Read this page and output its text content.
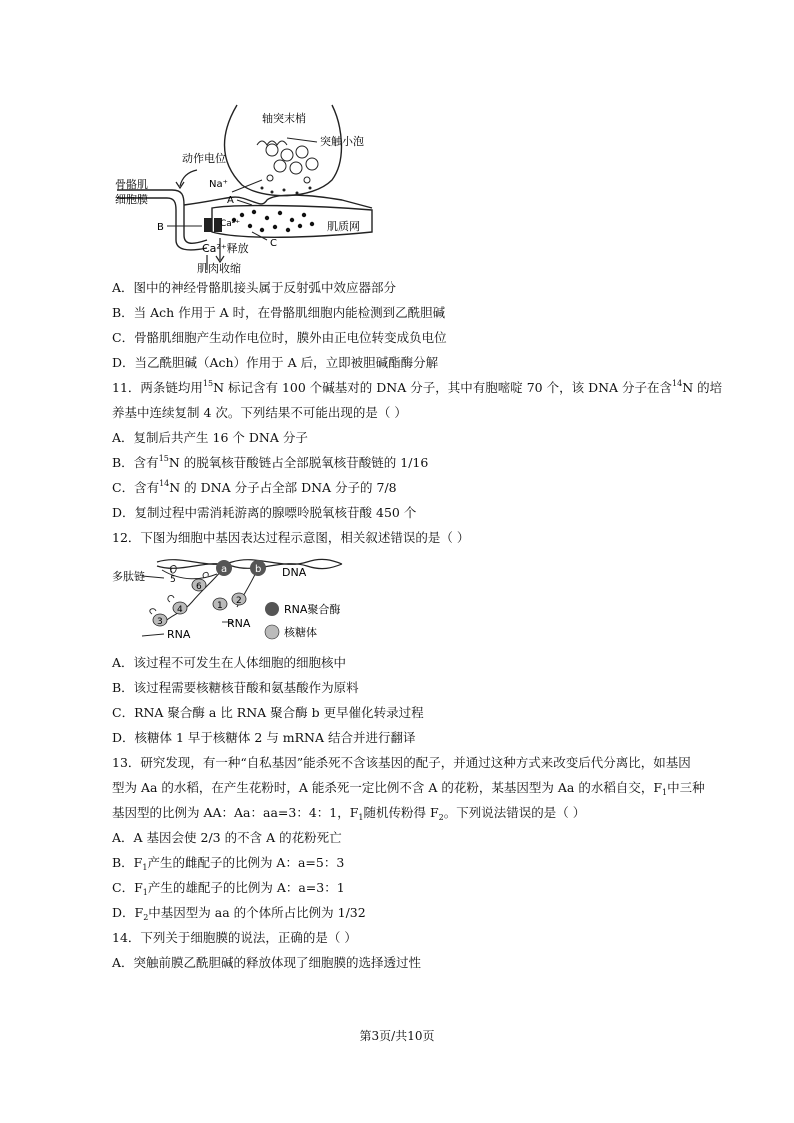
轴突末梢
突触小泡
动作电位
骨骼肌
细胞膜
Na⁺
A
B
C
Ca²⁺
Ca²⁺释放
肌质网
肌肉收缩
A．图中的神经骨骼肌接头属于反射弧中效应器部分
B．当 Ach 作用于 A 时，在骨骼肌细胞内能检测到乙酰胆碱
C．骨骼肌细胞产生动作电位时，膜外由正电位转变成负电位
D．当乙酰胆碱（Ach）作用于 A 后，立即被胆碱酯酶分解
11．两条链均用$^{15}$N 标记含有 100 个碱基对的 DNA 分子，其中有胞嘧啶 70 个，该 DNA 分子在含$^{14}$N 的培
养基中连续复制 4 次。下列结果不可能出现的是（ ）
A．复制后共产生 16 个 DNA 分子
B．含有$^{15}$N 的脱氧核苷酸链占全部脱氧核苷酸链的 1/16
C．含有$^{14}$N 的 DNA 分子占全部 DNA 分子的 7/8
D．复制过程中需消耗游离的腺嘌呤脱氧核苷酸 450 个
12．下图为细胞中基因表达过程示意图，相关叙述错误的是（ ）
a	b
6
4
3
1 2
5
多肽链	DNA
RNA
RNA
RNA聚合酶
核糖体
A．该过程不可发生在人体细胞的细胞核中
B．该过程需要核糖核苷酸和氨基酸作为原料
C．RNA 聚合酶 a 比 RNA 聚合酶 b 更早催化转录过程
D．核糖体 1 早于核糖体 2 与 mRNA 结合并进行翻译
13．研究发现，有一种“自私基因”能杀死不含该基因的配子，并通过这种方式来改变后代分离比，如基因
型为 Aa 的水稻，在产生花粉时，A 能杀死一定比例不含 A 的花粉，某基因型为 Aa 的水稻自交，$F_1$中三种
基因型的比例为 AA：Aa：aa=3：4：1，$F_1$随机传粉得 $F_2$。下列说法错误的是（ ）
A．A 基因会使 2/3 的不含 A 的花粉死亡
B．$F_1$产生的雌配子的比例为 A：a=5：3
C．$F_1$产生的雄配子的比例为 A：a=3：1
D．$F_2$中基因型为 aa 的个体所占比例为 1/32
14．下列关于细胞膜的说法，正确的是（ ）
A．突触前膜乙酰胆碱的释放体现了细胞膜的选择透过性
第3页/共10页
